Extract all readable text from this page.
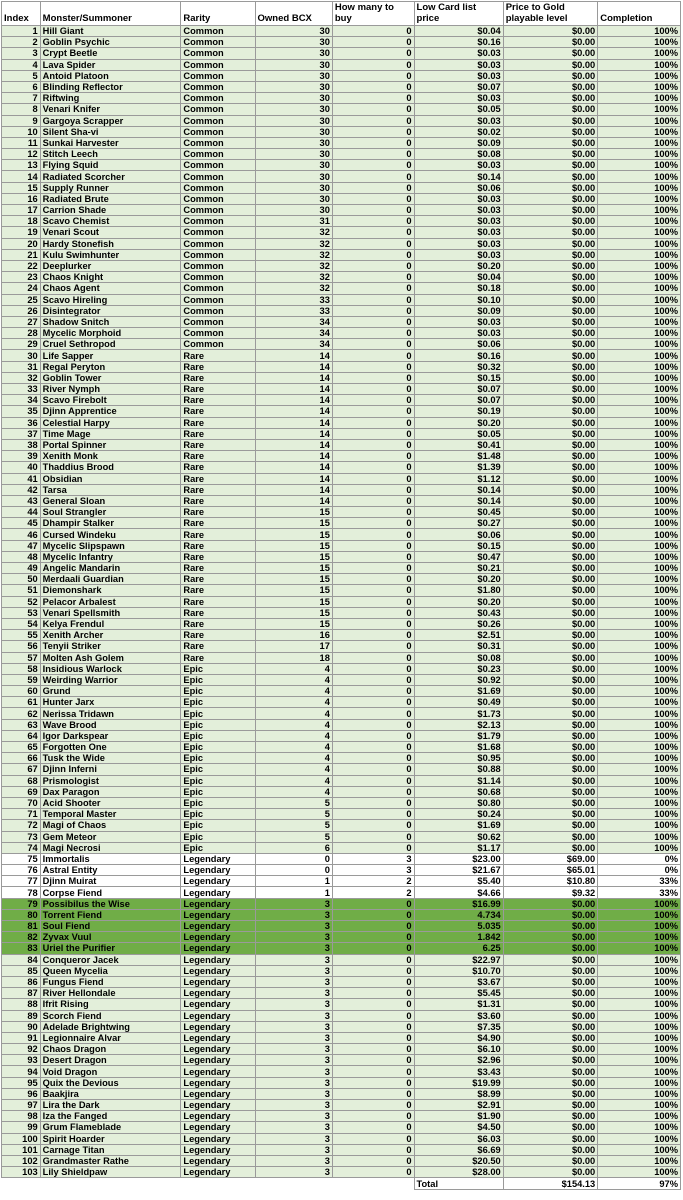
Index	Monster/Summoner	Rarity	Owned BCX	How many to buy	Low Card list price	Price to Gold playable level	Completion
1	Hill Giant	Common	30	0	$0.04	$0.00	100%
2	Goblin Psychic	Common	30	0	$0.16	$0.00	100%
3	Crypt Beetle	Common	30	0	$0.03	$0.00	100%
4	Lava Spider	Common	30	0	$0.03	$0.00	100%
5	Antoid Platoon	Common	30	0	$0.03	$0.00	100%
6	Blinding Reflector	Common	30	0	$0.07	$0.00	100%
7	Riftwing	Common	30	0	$0.03	$0.00	100%
8	Venari Knifer	Common	30	0	$0.05	$0.00	100%
9	Gargoya Scrapper	Common	30	0	$0.03	$0.00	100%
10	Silent Sha-vi	Common	30	0	$0.02	$0.00	100%
11	Sunkai Harvester	Common	30	0	$0.09	$0.00	100%
12	Stitch Leech	Common	30	0	$0.08	$0.00	100%
13	Flying Squid	Common	30	0	$0.03	$0.00	100%
14	Radiated Scorcher	Common	30	0	$0.14	$0.00	100%
15	Supply Runner	Common	30	0	$0.06	$0.00	100%
16	Radiated Brute	Common	30	0	$0.03	$0.00	100%
17	Carrion Shade	Common	30	0	$0.03	$0.00	100%
18	Scavo Chemist	Common	31	0	$0.03	$0.00	100%
19	Venari Scout	Common	32	0	$0.03	$0.00	100%
20	Hardy Stonefish	Common	32	0	$0.03	$0.00	100%
21	Kulu Swimhunter	Common	32	0	$0.03	$0.00	100%
22	Deeplurker	Common	32	0	$0.20	$0.00	100%
23	Chaos Knight	Common	32	0	$0.04	$0.00	100%
24	Chaos Agent	Common	32	0	$0.18	$0.00	100%
25	Scavo Hireling	Common	33	0	$0.10	$0.00	100%
26	Disintegrator	Common	33	0	$0.09	$0.00	100%
27	Shadow Snitch	Common	34	0	$0.03	$0.00	100%
28	Mycelic Morphoid	Common	34	0	$0.03	$0.00	100%
29	Cruel Sethropod	Common	34	0	$0.06	$0.00	100%
30	Life Sapper	Rare	14	0	$0.16	$0.00	100%
31	Regal Peryton	Rare	14	0	$0.32	$0.00	100%
32	Goblin Tower	Rare	14	0	$0.15	$0.00	100%
33	River Nymph	Rare	14	0	$0.07	$0.00	100%
34	Scavo Firebolt	Rare	14	0	$0.07	$0.00	100%
35	Djinn Apprentice	Rare	14	0	$0.19	$0.00	100%
36	Celestial Harpy	Rare	14	0	$0.20	$0.00	100%
37	Time Mage	Rare	14	0	$0.05	$0.00	100%
38	Portal Spinner	Rare	14	0	$0.41	$0.00	100%
39	Xenith Monk	Rare	14	0	$1.48	$0.00	100%
40	Thaddius Brood	Rare	14	0	$1.39	$0.00	100%
41	Obsidian	Rare	14	0	$1.12	$0.00	100%
42	Tarsa	Rare	14	0	$0.14	$0.00	100%
43	General Sloan	Rare	14	0	$0.14	$0.00	100%
44	Soul Strangler	Rare	15	0	$0.45	$0.00	100%
45	Dhampir Stalker	Rare	15	0	$0.27	$0.00	100%
46	Cursed Windeku	Rare	15	0	$0.06	$0.00	100%
47	Mycelic Slipspawn	Rare	15	0	$0.15	$0.00	100%
48	Mycelic Infantry	Rare	15	0	$0.47	$0.00	100%
49	Angelic Mandarin	Rare	15	0	$0.21	$0.00	100%
50	Merdaali Guardian	Rare	15	0	$0.20	$0.00	100%
51	Diemonshark	Rare	15	0	$1.80	$0.00	100%
52	Pelacor Arbalest	Rare	15	0	$0.20	$0.00	100%
53	Venari Spellsmith	Rare	15	0	$0.43	$0.00	100%
54	Kelya Frendul	Rare	15	0	$0.26	$0.00	100%
55	Xenith Archer	Rare	16	0	$2.51	$0.00	100%
56	Tenyii Striker	Rare	17	0	$0.31	$0.00	100%
57	Molten Ash Golem	Rare	18	0	$0.08	$0.00	100%
58	Insidious Warlock	Epic	4	0	$0.23	$0.00	100%
59	Weirding Warrior	Epic	4	0	$0.92	$0.00	100%
60	Grund	Epic	4	0	$1.69	$0.00	100%
61	Hunter Jarx	Epic	4	0	$0.49	$0.00	100%
62	Nerissa Tridawn	Epic	4	0	$1.73	$0.00	100%
63	Wave Brood	Epic	4	0	$2.13	$0.00	100%
64	Igor Darkspear	Epic	4	0	$1.79	$0.00	100%
65	Forgotten One	Epic	4	0	$1.68	$0.00	100%
66	Tusk the Wide	Epic	4	0	$0.95	$0.00	100%
67	Djinn Inferni	Epic	4	0	$0.88	$0.00	100%
68	Prismologist	Epic	4	0	$1.14	$0.00	100%
69	Dax Paragon	Epic	4	0	$0.68	$0.00	100%
70	Acid Shooter	Epic	5	0	$0.80	$0.00	100%
71	Temporal Master	Epic	5	0	$0.24	$0.00	100%
72	Magi of Chaos	Epic	5	0	$1.69	$0.00	100%
73	Gem Meteor	Epic	5	0	$0.62	$0.00	100%
74	Magi Necrosi	Epic	6	0	$1.17	$0.00	100%
75	Immortalis	Legendary	0	3	$23.00	$69.00	0%
76	Astral Entity	Legendary	0	3	$21.67	$65.01	0%
77	Djinn Muirat	Legendary	1	2	$5.40	$10.80	33%
78	Corpse Fiend	Legendary	1	2	$4.66	$9.32	33%
79	Possibilus the Wise	Legendary	3	0	$16.99	$0.00	100%
80	Torrent Fiend	Legendary	3	0	4.734	$0.00	100%
81	Soul Fiend	Legendary	3	0	5.035	$0.00	100%
82	Zyvax Vuul	Legendary	3	0	1.842	$0.00	100%
83	Uriel the Purifier	Legendary	3	0	6.25	$0.00	100%
84	Conqueror Jacek	Legendary	3	0	$22.97	$0.00	100%
85	Queen Mycelia	Legendary	3	0	$10.70	$0.00	100%
86	Fungus Fiend	Legendary	3	0	$3.67	$0.00	100%
87	River Hellondale	Legendary	3	0	$5.45	$0.00	100%
88	Ifrit Rising	Legendary	3	0	$1.31	$0.00	100%
89	Scorch Fiend	Legendary	3	0	$3.60	$0.00	100%
90	Adelade Brightwing	Legendary	3	0	$7.35	$0.00	100%
91	Legionnaire Alvar	Legendary	3	0	$4.90	$0.00	100%
92	Chaos Dragon	Legendary	3	0	$6.10	$0.00	100%
93	Desert Dragon	Legendary	3	0	$2.96	$0.00	100%
94	Void Dragon	Legendary	3	0	$3.43	$0.00	100%
95	Quix the Devious	Legendary	3	0	$19.99	$0.00	100%
96	Baakjira	Legendary	3	0	$8.99	$0.00	100%
97	Lira the Dark	Legendary	3	0	$2.91	$0.00	100%
98	Iza the Fanged	Legendary	3	0	$1.90	$0.00	100%
99	Grum Flameblade	Legendary	3	0	$4.50	$0.00	100%
100	Spirit Hoarder	Legendary	3	0	$6.03	$0.00	100%
101	Carnage Titan	Legendary	3	0	$6.69	$0.00	100%
102	Grandmaster Rathe	Legendary	3	0	$20.50	$0.00	100%
103	Lily Shieldpaw	Legendary	3	0	$28.00	$0.00	100%
					Total	$154.13	97%
